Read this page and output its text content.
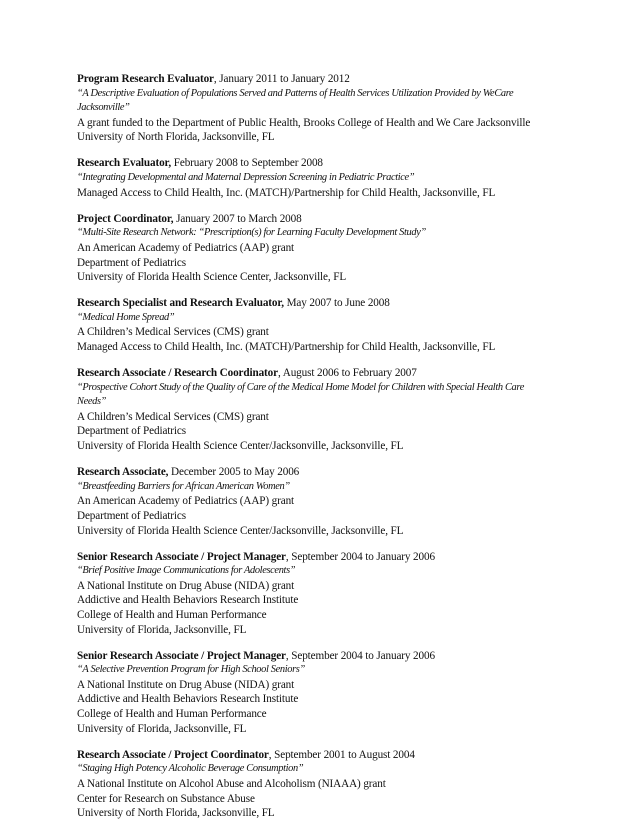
Program Research Evaluator, January 2011 to January 2012
“A Descriptive Evaluation of Populations Served and Patterns of Health Services Utilization Provided by WeCare Jacksonville”
A grant funded to the Department of Public Health, Brooks College of Health and We Care Jacksonville
University of North Florida, Jacksonville, FL
Research Evaluator, February 2008 to September 2008
“Integrating Developmental and Maternal Depression Screening in Pediatric Practice”
Managed Access to Child Health, Inc. (MATCH)/Partnership for Child Health, Jacksonville, FL
Project Coordinator, January 2007 to March 2008
“Multi-Site Research Network: “Prescription(s) for Learning Faculty Development Study”
An American Academy of Pediatrics (AAP) grant
Department of Pediatrics
University of Florida Health Science Center, Jacksonville, FL
Research Specialist and Research Evaluator, May 2007 to June 2008
“Medical Home Spread”
A Children’s Medical Services (CMS) grant
Managed Access to Child Health, Inc. (MATCH)/Partnership for Child Health, Jacksonville, FL
Research Associate / Research Coordinator, August 2006 to February 2007
“Prospective Cohort Study of the Quality of Care of the Medical Home Model for Children with Special Health Care Needs”
A Children’s Medical Services (CMS) grant
Department of Pediatrics
University of Florida Health Science Center/Jacksonville, Jacksonville, FL
Research Associate, December 2005 to May 2006
“Breastfeeding Barriers for African American Women”
An American Academy of Pediatrics (AAP) grant
Department of Pediatrics
University of Florida Health Science Center/Jacksonville, Jacksonville, FL
Senior Research Associate / Project Manager, September 2004 to January 2006
“Brief Positive Image Communications for Adolescents”
A National Institute on Drug Abuse (NIDA) grant
Addictive and Health Behaviors Research Institute
College of Health and Human Performance
University of Florida, Jacksonville, FL
Senior Research Associate / Project Manager, September 2004 to January 2006
“A Selective Prevention Program for High School Seniors”
A National Institute on Drug Abuse (NIDA) grant
Addictive and Health Behaviors Research Institute
College of Health and Human Performance
University of Florida, Jacksonville, FL
Research Associate / Project Coordinator, September 2001 to August 2004
“Staging High Potency Alcoholic Beverage Consumption”
A National Institute on Alcohol Abuse and Alcoholism (NIAAA) grant
Center for Research on Substance Abuse
University of North Florida, Jacksonville, FL
